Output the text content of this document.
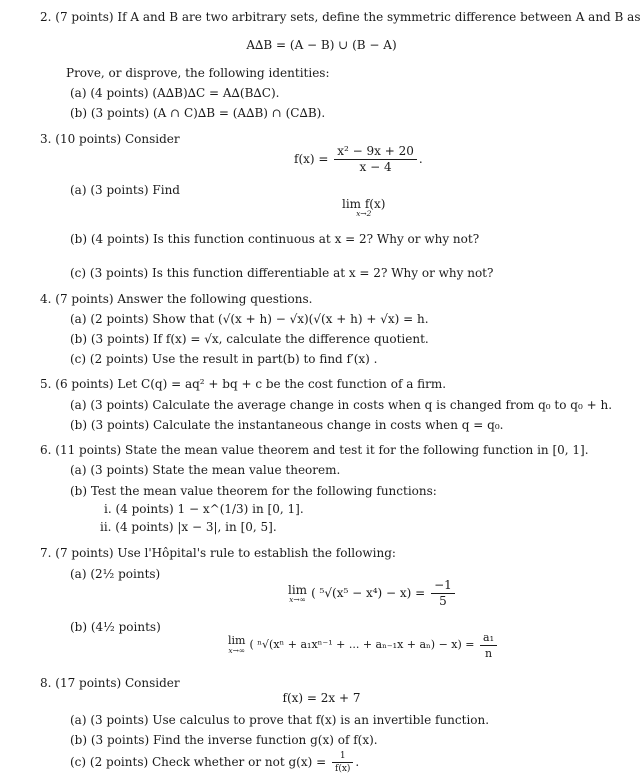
2. (7 points) If A and B are two arbitrary sets, define the symmetric difference between A and B as
A∆B = (A − B) ∪ (B − A)
Prove, or disprove, the following identities:
(a) (4 points) (A∆B)∆C = A∆(B∆C).
(b) (3 points) (A ∩ C)∆B = (A∆B) ∩ (C∆B).
3. (10 points) Consider
$f(x) = \frac{\text{x² − 9x + 20}}{x - 4}$ .
(a) (3 points) Find
lim f(x)
x→2
(b) (4 points) Is this function continuous at x = 2? Why or why not?
(c) (3 points) Is this function differentiable at x = 2? Why or why not?
4. (7 points) Answer the following questions.
(a) (2 points) Show that (√(x + h) − √x)(√(x + h) + √x) = h.
(b) (3 points) If f(x) = √x, calculate the difference quotient.
(c) (2 points) Use the result in part(b) to find f′(x) .
5. (6 points) Let C(q) = aq² + bq + c be the cost function of a firm.
(a) (3 points) Calculate the average change in costs when q is changed from q₀ to q₀ + h.
(b) (3 points) Calculate the instantaneous change in costs when q = q₀.
6. (11 points) State the mean value theorem and test it for the following function in [0, 1].
(a) (3 points) State the mean value theorem.
(b) Test the mean value theorem for the following functions:
i. (4 points) 1 − x^(1/3) in [0, 1].
ii. (4 points) |x − 3|, in [0, 5].
7. (7 points) Use l'Hôpital's rule to establish the following:
(a) (2½ points)
lim
x→∞ ( $^5√(x^5 - x^4) - x) = \frac{-1}{5}$
(b) (4½ points)
lim
x→∞ ( ⁿ√(xⁿ + a₁xⁿ⁻¹ + ... + $a_{n-1}x + a_n) - x) = \frac{\text{a₁}}{n}$
8. (17 points) Consider
f(x) = 2x + 7
(a) (3 points) Use calculus to prove that f(x) is an invertible function.
(b) (3 points) Find the inverse function g(x) of f(x).
(c) (2 points) Check whether or not $g(x) = \frac{1}{f(x)}$ .
